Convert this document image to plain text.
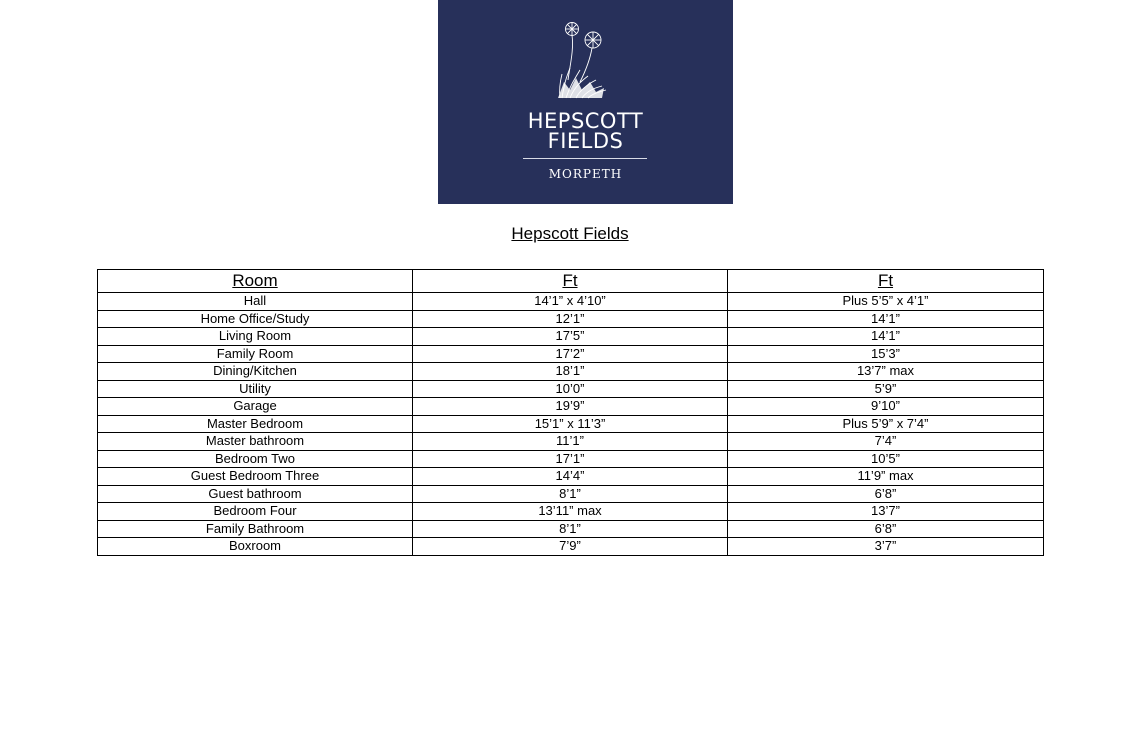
HEPSCOTT
FIELDS
MORPETH
Hepscott Fields
Room	Ft	Ft
Hall	14’1” x 4’10”	Plus 5’5” x 4’1”
Home Office/Study	12’1”	14’1”
Living Room	17’5”	14’1”
Family Room	17’2”	15’3”
Dining/Kitchen	18’1”	13’7” max
Utility	10’0”	5’9”
Garage	19’9”	9’10”
Master Bedroom	15’1” x 11’3”	Plus 5’9” x 7’4”
Master bathroom	11’1”	7’4”
Bedroom Two	17’1”	10’5”
Guest Bedroom Three	14’4”	11’9” max
Guest bathroom	8’1”	6’8”
Bedroom Four	13’11” max	13’7”
Family Bathroom	8’1”	6’8”
Boxroom	7’9”	3’7”
